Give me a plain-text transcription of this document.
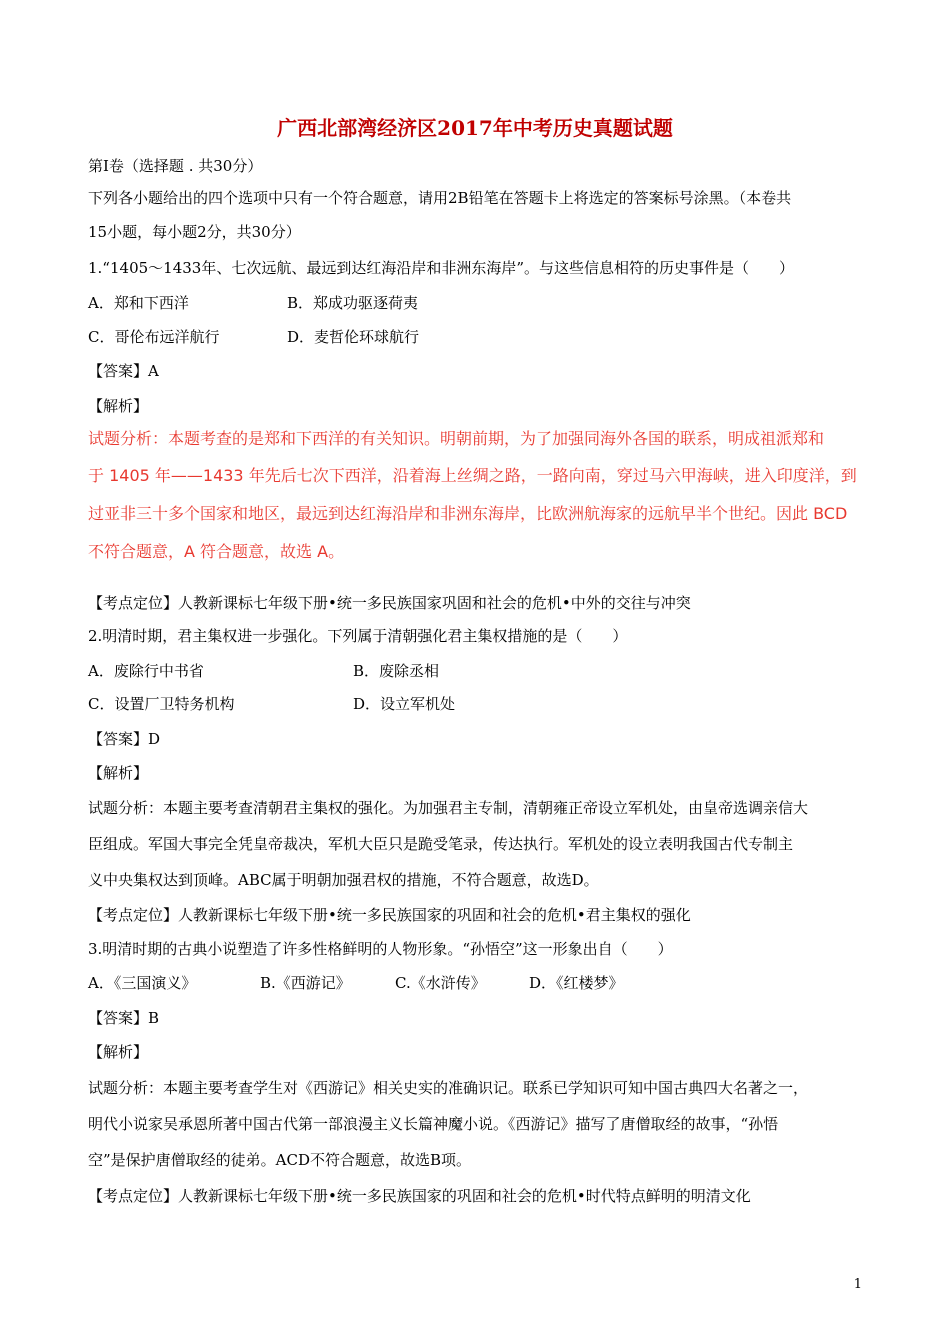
广西北部湾经济区2017年中考历史真题试题
第Ⅰ卷（选择题 . 共30分）
下列各小题给出的四个选项中只有一个符合题意，请用2B铅笔在答题卡上将选定的答案标号涂黑。（本卷共
15小题，每小题2分，共30分）
1.“1405～1433年、七次远航、最远到达红海沿岸和非洲东海岸”。与这些信息相符的历史事件是（　　）
A．郑和下西洋	B．郑成功驱逐荷夷
C．哥伦布远洋航行	D．麦哲伦环球航行
【答案】A
【解析】
试题分析：本题考查的是郑和下西洋的有关知识。明朝前期，为了加强同海外各国的联系，明成祖派郑和
于 1405 年——1433 年先后七次下西洋，沿着海上丝绸之路，一路向南，穿过马六甲海峡，进入印度洋，到
过亚非三十多个国家和地区，最远到达红海沿岸和非洲东海岸，比欧洲航海家的远航早半个世纪。因此 BCD
不符合题意，A 符合题意，故选 A。
【考点定位】人教新课标七年级下册•统一多民族国家巩固和社会的危机•中外的交往与冲突
2.明清时期，君主集权进一步强化。下列属于清朝强化君主集权措施的是（　　）
A．废除行中书省	B．废除丞相
C．设置厂卫特务机构	D．设立军机处
【答案】D
【解析】
试题分析：本题主要考查清朝君主集权的强化。为加强君主专制，清朝雍正帝设立军机处，由皇帝选调亲信大
臣组成。军国大事完全凭皇帝裁决，军机大臣只是跪受笔录，传达执行。军机处的设立表明我国古代专制主
义中央集权达到顶峰。ABC属于明朝加强君权的措施，不符合题意，故选D。
【考点定位】人教新课标七年级下册•统一多民族国家的巩固和社会的危机•君主集权的强化
3.明清时期的古典小说塑造了许多性格鲜明的人物形象。“孙悟空”这一形象出自（　　）
A．《三国演义》	B.《西游记》	C.《水浒传》	D．《红楼梦》
【答案】B
【解析】
试题分析：本题主要考查学生对《西游记》相关史实的准确识记。联系已学知识可知中国古典四大名著之一，
明代小说家吴承恩所著中国古代第一部浪漫主义长篇神魔小说。《西游记》描写了唐僧取经的故事，“孙悟
空”是保护唐僧取经的徒弟。ACD不符合题意，故选B项。
【考点定位】人教新课标七年级下册•统一多民族国家的巩固和社会的危机•时代特点鲜明的明清文化
1
